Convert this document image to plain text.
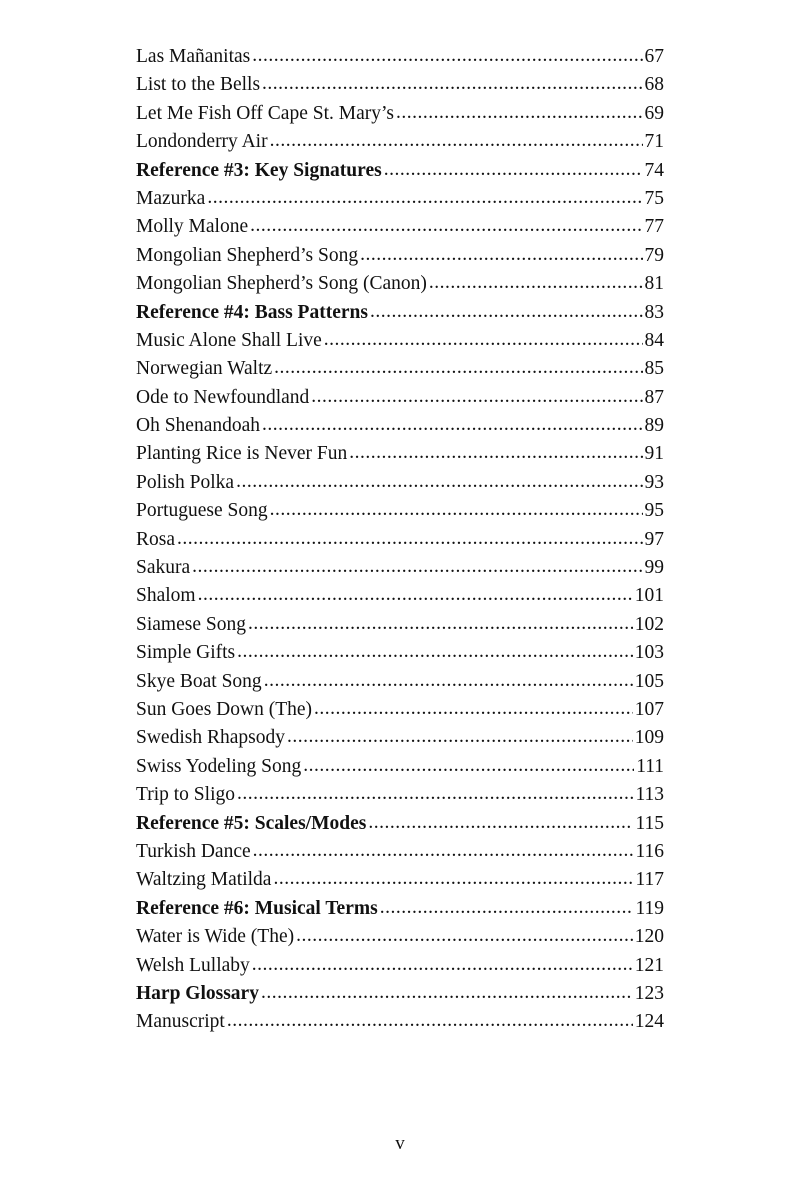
Las Mañanitas .....	67
List to the Bells .....	68
Let Me Fish Off Cape St. Mary’s .....	69
Londonderry Air .....	71
Reference #3: Key Signatures .....	74
Mazurka .....	75
Molly Malone .....	77
Mongolian Shepherd’s Song .....	79
Mongolian Shepherd’s Song (Canon) .....	81
Reference #4: Bass Patterns .....	83
Music Alone Shall Live .....	84
Norwegian Waltz .....	85
Ode to Newfoundland .....	87
Oh Shenandoah .....	89
Planting Rice is Never Fun .....	91
Polish Polka .....	93
Portuguese Song .....	95
Rosa .....	97
Sakura .....	99
Shalom .....	101
Siamese Song .....	102
Simple Gifts .....	103
Skye Boat Song .....	105
Sun Goes Down (The) .....	107
Swedish Rhapsody .....	109
Swiss Yodeling Song .....	111
Trip to Sligo .....	113
Reference #5: Scales/Modes .....	115
Turkish Dance .....	116
Waltzing Matilda .....	117
Reference #6: Musical Terms .....	119
Water is Wide (The) .....	120
Welsh Lullaby .....	121
Harp Glossary .....	123
Manuscript .....	124
v
